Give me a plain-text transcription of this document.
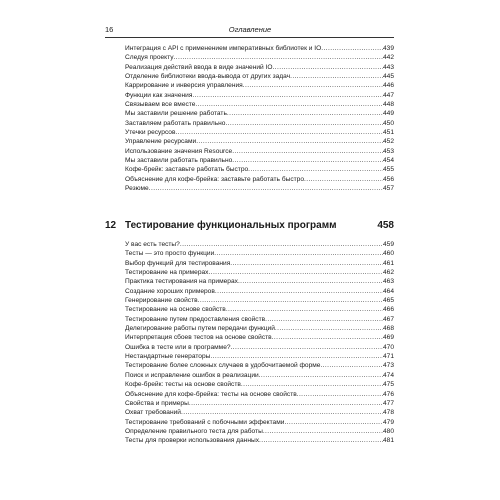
16	Оглавление
Интеграция с API с применением императивных библиотек и IO .....	439
Следуя проекту .....	442
Реализация действий ввода в виде значений IO .....	443
Отделение библиотеки ввода-вывода от других задач .....	445
Каррирование и инверсия управления .....	446
Функции как значения .....	447
Связываем все вместе .....	448
Мы заставили решение работать .....	449
Заставляем работать правильно .....	450
Утечки ресурсов .....	451
Управление ресурсами .....	452
Использование значения Resource .....	453
Мы заставили работать правильно .....	454
Кофе-брейк: заставьте работать быстро .....	455
Объяснение для кофе-брейка: заставьте работать быстро .....	456
Резюме .....	457
12 Тестирование функциональных программ	458
У вас есть тесты? .....	459
Тесты — это просто функции .....	460
Выбор функций для тестирования .....	461
Тестирование на примерах .....	462
Практика тестирования на примерах .....	463
Создание хороших примеров .....	464
Генерирование свойств .....	465
Тестирование на основе свойств .....	466
Тестирование путем предоставления свойств .....	467
Делегирование работы путем передачи функций .....	468
Интерпретация сбоев тестов на основе свойств .....	469
Ошибка в тесте или в программе? .....	470
Нестандартные генераторы .....	471
Тестирование более сложных случаев в удобочитаемой форме .....	473
Поиск и исправление ошибок в реализации .....	474
Кофе-брейк: тесты на основе свойств .....	475
Объяснение для кофе-брейка: тесты на основе свойств .....	476
Свойства и примеры .....	477
Охват требований .....	478
Тестирование требований с побочными эффектами .....	479
Определение правильного теста для работы .....	480
Тесты для проверки использования данных .....	481
